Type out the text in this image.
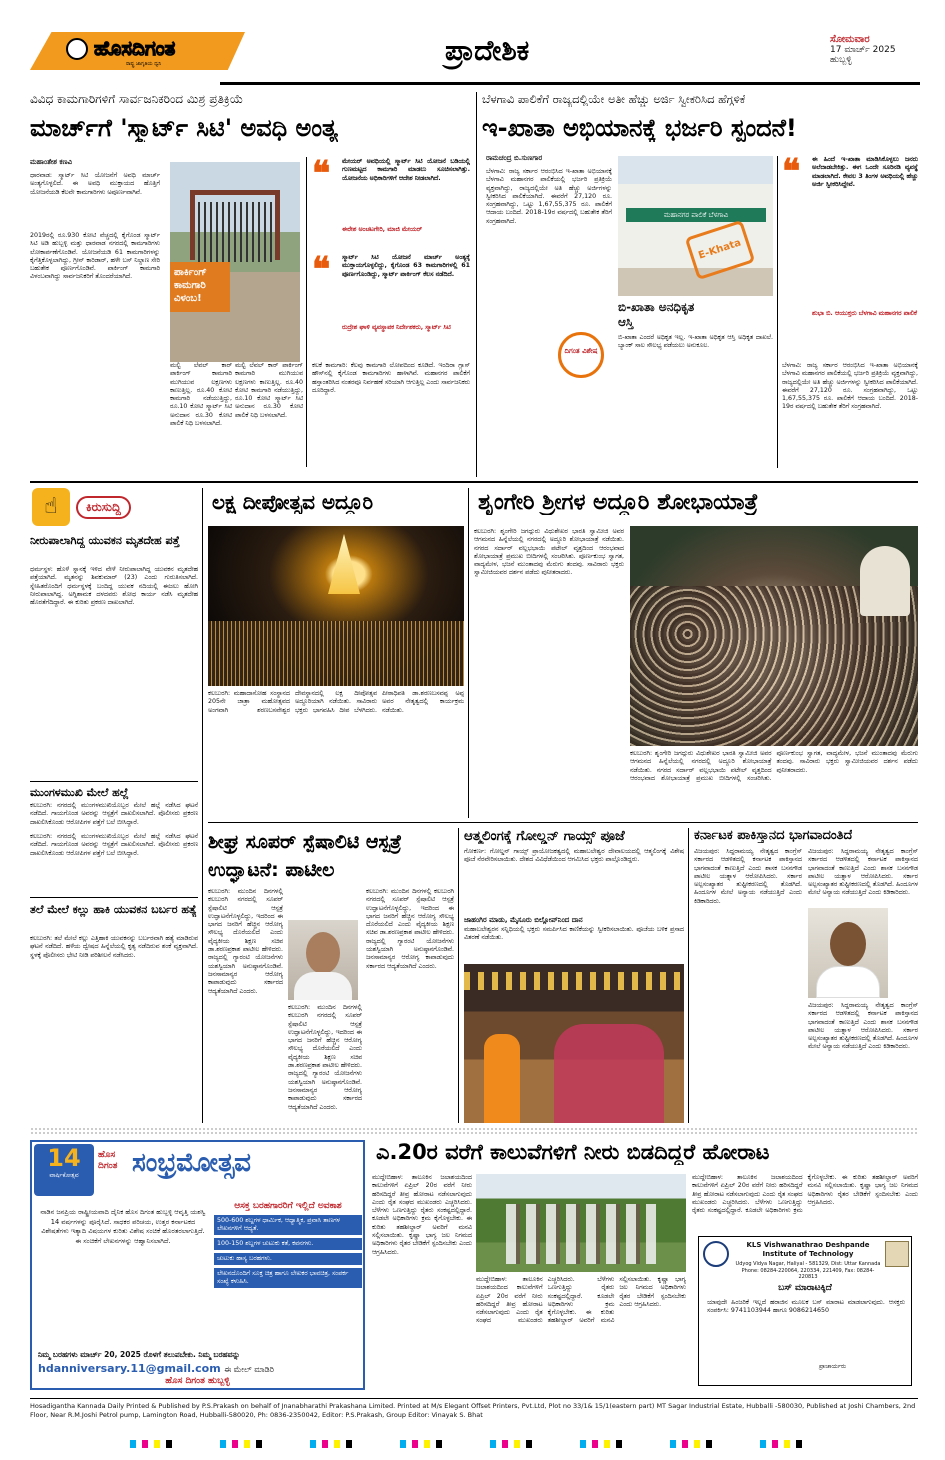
ಹೊಸದಿಗಂತ
ರಾಷ್ಟ್ರ ಜಾಗೃತಿಯ ಧ್ವನಿ	ಪ್ರಾದೇಶಿಕ	ಸೋಮವಾರ
17 ಮಾರ್ಚ್ 2025
ಹುಬ್ಬಳ್ಳಿ
ವಿವಿಧ ಕಾಮಗಾರಿಗಳಿಗೆ ಸಾರ್ವಜನಿಕರಿಂದ ಮಿಶ್ರ ಪ್ರತಿಕ್ರಿಯೆ
ಮಾರ್ಚ್‌ಗೆ 'ಸ್ಮಾರ್ಟ್ ಸಿಟಿ' ಅವಧಿ ಅಂತ್ಯ
ಮಹಾಂತೇಶ ಕಣವಿ
ಧಾರವಾಡ: ಸ್ಮಾರ್ಟ್ ಸಿಟಿ ಯೋಜನೆಗೆ ಅವಧಿ ಮಾರ್ಚ್ ಅಂತ್ಯಗೊಳ್ಳಲಿದೆ. ಈ ಅವಧಿ ಮುಕ್ತಾಯದ ಹೊತ್ತಿಗೆ ಯೋಜನೆಯಡಿ ಕೆಲವೇ ಕಾಮಗಾರಿಗಳು ಅಪೂರ್ಣವಾಗಿವೆ.
2019ರಲ್ಲಿ ರೂ.930 ಕೋಟಿ ವೆಚ್ಚದಲ್ಲಿ ಕೈಗೊಂಡ ಸ್ಮಾರ್ಟ್ ಸಿಟಿ ಅಡಿ ಹುಬ್ಬಳ್ಳಿ ಮತ್ತು ಧಾರವಾಡ ನಗರದಲ್ಲಿ ಕಾಮಗಾರಿಗಳು ಲೋಕಾರ್ಪಣೆಗೊಂಡಿವೆ. ಯೋಜನೆಯಡಿ 61 ಕಾಮಗಾರಿಗಳನ್ನು ಕೈಗೆತ್ತಿಕೊಳ್ಳಲಾಗಿದ್ದು, ಗ್ರೀನ್ ಕಾರಿಡಾರ್, ಹಳೇ ಬಸ್ ನಿಲ್ದಾಣ ಸೇರಿ ಬಹುತೇಕ ಪೂರ್ಣಗೊಂಡಿವೆ. ಪಾರ್ಕಿಂಗ್ ಕಾಮಗಾರಿ ವಿಳಂಬವಾಗಿದ್ದು ಸಾರ್ವಜನಿಕರಿಗೆ ತೊಂದರೆಯಾಗಿದೆ.	ಪಾರ್ಕಿಂಗ್ ಕಾಮಗಾರಿ ವಿಳಂಬ!
ಮಲ್ಟಿ ಲೆವಲ್ ಕಾರ್ ಪಾರ್ಕಿಂಗ್ ಕಾಮಗಾರಿ ಮುಗಿಯುವ ಲಕ್ಷಣಗಳು ಕಾಣುತ್ತಿಲ್ಲ. ರೂ.40 ಕೋಟಿ ಕಾಮಗಾರಿ ನಡೆಯುತ್ತಿದ್ದು, ರೂ.10 ಕೋಟಿ ಸ್ಮಾರ್ಟ್ ಸಿಟಿ ಅನುದಾನ ರೂ.30 ಕೋಟಿ ಪಾಲಿಕೆ ನಿಧಿ ಬಳಸಲಾಗಿದೆ.
ಮಲ್ಟಿ ಲೆವಲ್ ಕಾರ್ ಪಾರ್ಕಿಂಗ್ ಕಾಮಗಾರಿ ಮುಗಿಯುವ ಲಕ್ಷಣಗಳು ಕಾಣುತ್ತಿಲ್ಲ. ರೂ.40 ಕೋಟಿ ಕಾಮಗಾರಿ ನಡೆಯುತ್ತಿದ್ದು, ರೂ.10 ಕೋಟಿ ಸ್ಮಾರ್ಟ್ ಸಿಟಿ ಅನುದಾನ ರೂ.30 ಕೋಟಿ ಪಾಲಿಕೆ ನಿಧಿ ಬಳಸಲಾಗಿದೆ.
❝ ಮೇಯರ್ ಅವಧಿಯಲ್ಲಿ ಸ್ಮಾರ್ಟ್ ಸಿಟಿ ಯೋಜನೆ ಬಡಿಯಲ್ಲಿ ಗುಣಮಟ್ಟದ ಕಾಮಗಾರಿ ಮಾಡಲು ಸೂಚಿಸಲಾಗಿತ್ತು. ಯೋಜನೆಯ ಅಧಿಕಾರಿಗಳಿಗೆ ಆದೇಶ ನೀಡಲಾಗಿದೆ.
ಈರೇಶ ಅಂಚಟಗೇರಿ, ಮಾಜಿ ಮೇಯರ್
❝ ಸ್ಮಾರ್ಟ್ ಸಿಟಿ ಯೋಜನೆ ಮಾರ್ಚ್ ಅಂತ್ಯಕ್ಕೆ ಮುಕ್ತಾಯಗೊಳ್ಳಲಿದ್ದು, ಕೈಗೊಂಡ 63 ಕಾಮಗಾರಿಗಳಲ್ಲಿ 61 ಪೂರ್ಣಗೊಂಡಿದ್ದು, ಸ್ಮಾರ್ಟ್ ಪಾರ್ಕಿಂಗ್ ಕೆಲಸ ನಡೆದಿದೆ.
ರುದ್ರೇಶ ಘಾಳಿ ವ್ಯವಸ್ಥಾಪಕ ನಿರ್ದೇಶಕರು, ಸ್ಮಾರ್ಟ್ ಸಿಟಿ
ಕಲಕೆ ಕಾಮಗಾರಿ: ಕೆಲವು ಕಾಮಗಾರಿ ಲೋಪದಿಂದ ಕೂಡಿದೆ. ಇಂದಿರಾ ಗ್ಲಾಸ್ ಹೌಸ್‌ನಲ್ಲಿ ಕೈಗೊಂಡ ಕಾಮಗಾರಿಗಳು ಹಾಳಾಗಿವೆ. ಮಹಾನಗರ ಪಾಲಿಕೆಗೆ ಹಸ್ತಾಂತರಿಸಿದ ನಂತರವೂ ನಿರ್ವಹಣೆ ಸರಿಯಾಗಿ ಆಗುತ್ತಿಲ್ಲ ಎಂದು ಸಾರ್ವಜನಿಕರು ದೂರಿದ್ದಾರೆ.
ಬೆಳಗಾವಿ ಪಾಲಿಕೆಗೆ ರಾಜ್ಯದಲ್ಲಿಯೇ ಅತೀ ಹೆಚ್ಚು ಅರ್ಜಿ ಸ್ವೀಕರಿಸಿದ ಹೆಗ್ಗಳಿಕೆ
ಇ-ಖಾತಾ ಅಭಿಯಾನಕ್ಕೆ ಭರ್ಜರಿ ಸ್ಪಂದನೆ!
ರಾಮಚಂದ್ರ ಬಿ.ಸುಣಗಾರ
ಬೆಳಗಾವಿ: ರಾಜ್ಯ ಸರ್ಕಾರ ಆರಂಭಿಸಿದ ಇ-ಖಾತಾ ಅಭಿಯಾನಕ್ಕೆ ಬೆಳಗಾವಿ ಮಹಾನಗರ ಪಾಲಿಕೆಯಲ್ಲಿ ಭರ್ಜರಿ ಪ್ರತಿಕ್ರಿಯೆ ವ್ಯಕ್ತವಾಗಿದ್ದು, ರಾಜ್ಯದಲ್ಲಿಯೇ ಅತಿ ಹೆಚ್ಚು ಅರ್ಜಿಗಳನ್ನು ಸ್ವೀಕರಿಸಿದ ಪಾಲಿಕೆಯಾಗಿದೆ. ಈವರೆಗೆ 27,120 ರೂ. ಸಂಗ್ರಹವಾಗಿದ್ದು, ಒಟ್ಟು 1,67,55,375 ರೂ. ಪಾಲಿಕೆಗೆ ಆದಾಯ ಬಂದಿದೆ. 2018-19ರ ವರ್ಷದಲ್ಲಿ ಬಹುತೇಕ ತೆರಿಗೆ ಸಂಗ್ರಹವಾಗಿದೆ.
ಮಹಾನಗರ ಪಾಲಿಕೆ ಬೆಳಗಾವಿ
E-Khata
ಬಿ-ಖಾತಾ ಅನಧಿಕೃತ ಆಸ್ತಿ
ಬಿ-ಖಾತಾ ಎಂದರೆ ಅಧಿಕೃತ ಇಲ್ಲ. ಇ-ಖಾತಾ ಅಧಿಕೃತ ಆಸ್ತಿ ಅಧಿಕೃತ ದಾಖಲೆ. ಬ್ಯಾಂಕ್ ಸಾಲ ಸೌಲಭ್ಯ ಪಡೆಯಲು ಅನುಕೂಲ.
ದಿಗಂತ ವಿಶೇಷ
❝ ಈ ಹಿಂದೆ ಇ-ಖಾತಾ ಮಾಡಿಸಿಕೊಳ್ಳಲು ಜನರು ಅಲೆದಾಡಬೇಕಿತ್ತು. ಈಗ ಒಂದೇ ಸೂರಿನಡಿ ವ್ಯವಸ್ಥೆ ಮಾಡಲಾಗಿದೆ. ಕೇವಲ 3 ತಿಂಗಳ ಅವಧಿಯಲ್ಲಿ ಹೆಚ್ಚು ಅರ್ಜಿ ಸ್ವೀಕರಿಸಿದ್ದೇವೆ.
ಶುಭಾ ಬಿ. ಆಯುಕ್ತರು ಬೆಳಗಾವಿ ಮಹಾನಗರ ಪಾಲಿಕೆ
ಬೆಳಗಾವಿ: ರಾಜ್ಯ ಸರ್ಕಾರ ಆರಂಭಿಸಿದ ಇ-ಖಾತಾ ಅಭಿಯಾನಕ್ಕೆ ಬೆಳಗಾವಿ ಮಹಾನಗರ ಪಾಲಿಕೆಯಲ್ಲಿ ಭರ್ಜರಿ ಪ್ರತಿಕ್ರಿಯೆ ವ್ಯಕ್ತವಾಗಿದ್ದು, ರಾಜ್ಯದಲ್ಲಿಯೇ ಅತಿ ಹೆಚ್ಚು ಅರ್ಜಿಗಳನ್ನು ಸ್ವೀಕರಿಸಿದ ಪಾಲಿಕೆಯಾಗಿದೆ. ಈವರೆಗೆ 27,120 ರೂ. ಸಂಗ್ರಹವಾಗಿದ್ದು, ಒಟ್ಟು 1,67,55,375 ರೂ. ಪಾಲಿಕೆಗೆ ಆದಾಯ ಬಂದಿದೆ. 2018-19ರ ವರ್ಷದಲ್ಲಿ ಬಹುತೇಕ ತೆರಿಗೆ ಸಂಗ್ರಹವಾಗಿದೆ.
☝	ಕಿರುಸುದ್ದಿ
ನೀರುಪಾಲಾಗಿದ್ದ ಯುವಕನ ಮೃತದೇಹ ಪತ್ತೆ
ಧರ್ಮಸ್ಥಳ: ಹೊಳೆ ಸ್ನಾನಕ್ಕೆ ಇಳಿದ ವೇಳೆ ನೀರುಪಾಲಾಗಿದ್ದ ಯುವಕನ ಮೃತದೇಹ ಪತ್ತೆಯಾಗಿದೆ. ಮೃತನನ್ನು ಶಿವಕುಮಾರ್ (23) ಎಂದು ಗುರುತಿಸಲಾಗಿದೆ. ಸ್ನೇಹಿತರೊಂದಿಗೆ ಧರ್ಮಸ್ಥಳಕ್ಕೆ ಬಂದಿದ್ದ ಯುವಕ ನದಿಯಲ್ಲಿ ಈಜಲು ಹೋಗಿ ನೀರುಪಾಲಾಗಿದ್ದ. ಅಗ್ನಿಶಾಮಕ ದಳದವರು ಶೋಧ ಕಾರ್ಯ ನಡೆಸಿ ಮೃತದೇಹ ಹೊರತೆಗೆದಿದ್ದಾರೆ. ಈ ಕುರಿತು ಪ್ರಕರಣ ದಾಖಲಾಗಿದೆ.
ಮುಂಗಳಮುಖಿ ಮೇಲೆ ಹಲ್ಲೆ
ಕಲಬುರಗಿ: ನಗರದಲ್ಲಿ ಮುಂಗಳಮುಖಿಯೊಬ್ಬರ ಮೇಲೆ ಹಲ್ಲೆ ನಡೆಸಿದ ಘಟನೆ ನಡೆದಿದೆ. ಗಾಯಗೊಂಡ ಅವರನ್ನು ಆಸ್ಪತ್ರೆಗೆ ದಾಖಲಿಸಲಾಗಿದೆ. ಪೊಲೀಸರು ಪ್ರಕರಣ ದಾಖಲಿಸಿಕೊಂಡು ಆರೋಪಿಗಳ ಪತ್ತೆಗೆ ಬಲೆ ಬೀಸಿದ್ದಾರೆ.
ಕಲಬುರಗಿ: ನಗರದಲ್ಲಿ ಮುಂಗಳಮುಖಿಯೊಬ್ಬರ ಮೇಲೆ ಹಲ್ಲೆ ನಡೆಸಿದ ಘಟನೆ ನಡೆದಿದೆ. ಗಾಯಗೊಂಡ ಅವರನ್ನು ಆಸ್ಪತ್ರೆಗೆ ದಾಖಲಿಸಲಾಗಿದೆ. ಪೊಲೀಸರು ಪ್ರಕರಣ ದಾಖಲಿಸಿಕೊಂಡು ಆರೋಪಿಗಳ ಪತ್ತೆಗೆ ಬಲೆ ಬೀಸಿದ್ದಾರೆ.
ತಲೆ ಮೇಲೆ ಕಲ್ಲು ಹಾಕಿ ಯುವಕನ ಬರ್ಬರ ಹತ್ಯೆ
ಕಲಬುರಗಿ: ತಲೆ ಮೇಲೆ ಕಲ್ಲು ಎತ್ತಿಹಾಕಿ ಯುವಕನನ್ನು ಬರ್ಬರವಾಗಿ ಹತ್ಯೆ ಮಾಡಿರುವ ಘಟನೆ ನಡೆದಿದೆ. ಹಳೆಯ ದ್ವೇಷದ ಹಿನ್ನೆಲೆಯಲ್ಲಿ ಕೃತ್ಯ ನಡೆದಿರುವ ಶಂಕೆ ವ್ಯಕ್ತವಾಗಿದೆ. ಸ್ಥಳಕ್ಕೆ ಪೊಲೀಸರು ಭೇಟಿ ನೀಡಿ ಪರಿಶೀಲನೆ ನಡೆಸಿದರು.
ಲಕ್ಷ ದೀಪೋತ್ಸವ ಅದ್ದೂರಿ
ಕಲಬುರಗಿ: ಮಹಾದಾಸೋಹ ಸಂಸ್ಥಾನದ 205ನೇ ಜಾತ್ರಾ ಮಹೋತ್ಸವದ ಅಂಗವಾಗಿ ಶರಣಬಸವೇಶ್ವರ ದೇವಸ್ಥಾನದಲ್ಲಿ ಲಕ್ಷ ದೀಪೋತ್ಸವ ಅದ್ದೂರಿಯಾಗಿ ನಡೆಯಿತು. ಸಾವಿರಾರು ಭಕ್ತರು ಭಾಗವಹಿಸಿ ದೀಪ ಬೆಳಗಿದರು. ಪೀಠಾಧಿಪತಿ ಡಾ.ಶರಣಬಸವಪ್ಪ ಅಪ್ಪ ಅವರ ನೇತೃತ್ವದಲ್ಲಿ ಕಾರ್ಯಕ್ರಮ ನಡೆಯಿತು.
ಶೃಂಗೇರಿ ಶ್ರೀಗಳ ಅದ್ದೂರಿ ಶೋಭಾಯಾತ್ರೆ
ಕಲಬುರಗಿ: ಶೃಂಗೇರಿ ಜಗದ್ಗುರು ವಿಧುಶೇಖರ ಭಾರತಿ ಸ್ವಾಮೀಜಿ ಅವರ ಆಗಮನದ ಹಿನ್ನೆಲೆಯಲ್ಲಿ ನಗರದಲ್ಲಿ ಅದ್ದೂರಿ ಶೋಭಾಯಾತ್ರೆ ನಡೆಯಿತು. ನಗರದ ಸರ್ದಾರ್ ವಲ್ಲಭಭಾಯಿ ಪಟೇಲ್ ವೃತ್ತದಿಂದ ಆರಂಭವಾದ ಶೋಭಾಯಾತ್ರೆ ಪ್ರಮುಖ ಬೀದಿಗಳಲ್ಲಿ ಸಂಚರಿಸಿತು. ಪೂರ್ಣಕುಂಭ ಸ್ವಾಗತ, ವಾದ್ಯಮೇಳ, ಭಜನೆ ಮುಂತಾದವು ಮೆರುಗು ತಂದವು. ಸಾವಿರಾರು ಭಕ್ತರು ಸ್ವಾಮೀಜಿಯವರ ದರ್ಶನ ಪಡೆದು ಪುನೀತರಾದರು.
ಕಲಬುರಗಿ: ಶೃಂಗೇರಿ ಜಗದ್ಗುರು ವಿಧುಶೇಖರ ಭಾರತಿ ಸ್ವಾಮೀಜಿ ಅವರ ಆಗಮನದ ಹಿನ್ನೆಲೆಯಲ್ಲಿ ನಗರದಲ್ಲಿ ಅದ್ದೂರಿ ಶೋಭಾಯಾತ್ರೆ ನಡೆಯಿತು. ನಗರದ ಸರ್ದಾರ್ ವಲ್ಲಭಭಾಯಿ ಪಟೇಲ್ ವೃತ್ತದಿಂದ ಆರಂಭವಾದ ಶೋಭಾಯಾತ್ರೆ ಪ್ರಮುಖ ಬೀದಿಗಳಲ್ಲಿ ಸಂಚರಿಸಿತು. ಪೂರ್ಣಕುಂಭ ಸ್ವಾಗತ, ವಾದ್ಯಮೇಳ, ಭಜನೆ ಮುಂತಾದವು ಮೆರುಗು ತಂದವು. ಸಾವಿರಾರು ಭಕ್ತರು ಸ್ವಾಮೀಜಿಯವರ ದರ್ಶನ ಪಡೆದು ಪುನೀತರಾದರು.
ಶೀಘ್ರ ಸೂಪರ್ ಸ್ಪೆಷಾಲಿಟಿ ಆಸ್ಪತ್ರೆ ಉದ್ಘಾಟನೆ: ಪಾಟೀಲ
ಕಲಬುರಗಿ: ಮುಂದಿನ ದಿನಗಳಲ್ಲಿ ಕಲಬುರಗಿ ನಗರದಲ್ಲಿ ಸೂಪರ್ ಸ್ಪೆಷಾಲಿಟಿ ಆಸ್ಪತ್ರೆ ಉದ್ಘಾಟನೆಗೊಳ್ಳಲಿದ್ದು, ಇದರಿಂದ ಈ ಭಾಗದ ಜನರಿಗೆ ಹೆಚ್ಚಿನ ಆರೋಗ್ಯ ಸೌಲಭ್ಯ ದೊರೆಯಲಿದೆ ಎಂದು ವೈದ್ಯಕೀಯ ಶಿಕ್ಷಣ ಸಚಿವ ಡಾ.ಶರಣಪ್ರಕಾಶ ಪಾಟೀಲ ಹೇಳಿದರು. ರಾಜ್ಯದಲ್ಲಿ ಗ್ಯಾರಂಟಿ ಯೋಜನೆಗಳು ಯಶಸ್ವಿಯಾಗಿ ಅನುಷ್ಠಾನಗೊಂಡಿವೆ. ಜನಸಾಮಾನ್ಯರ ಆರೋಗ್ಯ ಕಾಪಾಡುವುದು ಸರ್ಕಾರದ ಆದ್ಯತೆಯಾಗಿದೆ ಎಂದರು.
ಕಲಬುರಗಿ: ಮುಂದಿನ ದಿನಗಳಲ್ಲಿ ಕಲಬುರಗಿ ನಗರದಲ್ಲಿ ಸೂಪರ್ ಸ್ಪೆಷಾಲಿಟಿ ಆಸ್ಪತ್ರೆ ಉದ್ಘಾಟನೆಗೊಳ್ಳಲಿದ್ದು, ಇದರಿಂದ ಈ ಭಾಗದ ಜನರಿಗೆ ಹೆಚ್ಚಿನ ಆರೋಗ್ಯ ಸೌಲಭ್ಯ ದೊರೆಯಲಿದೆ ಎಂದು ವೈದ್ಯಕೀಯ ಶಿಕ್ಷಣ ಸಚಿವ ಡಾ.ಶರಣಪ್ರಕಾಶ ಪಾಟೀಲ ಹೇಳಿದರು. ರಾಜ್ಯದಲ್ಲಿ ಗ್ಯಾರಂಟಿ ಯೋಜನೆಗಳು ಯಶಸ್ವಿಯಾಗಿ ಅನುಷ್ಠಾನಗೊಂಡಿವೆ. ಜನಸಾಮಾನ್ಯರ ಆರೋಗ್ಯ ಕಾಪಾಡುವುದು ಸರ್ಕಾರದ ಆದ್ಯತೆಯಾಗಿದೆ ಎಂದರು.
ಕಲಬುರಗಿ: ಮುಂದಿನ ದಿನಗಳಲ್ಲಿ ಕಲಬುರಗಿ ನಗರದಲ್ಲಿ ಸೂಪರ್ ಸ್ಪೆಷಾಲಿಟಿ ಆಸ್ಪತ್ರೆ ಉದ್ಘಾಟನೆಗೊಳ್ಳಲಿದ್ದು, ಇದರಿಂದ ಈ ಭಾಗದ ಜನರಿಗೆ ಹೆಚ್ಚಿನ ಆರೋಗ್ಯ ಸೌಲಭ್ಯ ದೊರೆಯಲಿದೆ ಎಂದು ವೈದ್ಯಕೀಯ ಶಿಕ್ಷಣ ಸಚಿವ ಡಾ.ಶರಣಪ್ರಕಾಶ ಪಾಟೀಲ ಹೇಳಿದರು. ರಾಜ್ಯದಲ್ಲಿ ಗ್ಯಾರಂಟಿ ಯೋಜನೆಗಳು ಯಶಸ್ವಿಯಾಗಿ ಅನುಷ್ಠಾನಗೊಂಡಿವೆ. ಜನಸಾಮಾನ್ಯರ ಆರೋಗ್ಯ ಕಾಪಾಡುವುದು ಸರ್ಕಾರದ ಆದ್ಯತೆಯಾಗಿದೆ ಎಂದರು.
ಆತ್ಮಲಿಂಗಕ್ಕೆ ಗೋಲ್ಡನ್ ಗಾಯ್ಸ್ ಪೂಜೆ
ಗೋಕರ್ಣ: ಗೋಲ್ಡನ್ ಗಾಯ್ಸ್ ಪ್ರಾಯೋಜಕತ್ವದಲ್ಲಿ ಮಹಾಬಲೇಶ್ವರ ದೇವಾಲಯದಲ್ಲಿ ಆತ್ಮಲಿಂಗಕ್ಕೆ ವಿಶೇಷ ಪೂಜೆ ನೆರವೇರಿಸಲಾಯಿತು. ದೇಶದ ವಿವಿಧೆಡೆಯಿಂದ ಆಗಮಿಸಿದ ಭಕ್ತರು ಪಾಲ್ಗೊಂಡಿದ್ದರು.
ಜಾಹಂಗಿರ ಮಾಡು, ಮೈಸೂರು ಬಿಲ್ಲೋಪ್‌ನಿಂದ ದಾನ
ಮಹಾಬಲೇಶ್ವರನ ಸನ್ನಿಧಿಯಲ್ಲಿ ಭಕ್ತರು ಸಮರ್ಪಿಸಿದ ಕಾಣಿಕೆಯನ್ನು ಸ್ವೀಕರಿಸಲಾಯಿತು. ಪೂಜೆಯ ಬಳಿಕ ಪ್ರಸಾದ ವಿತರಣೆ ನಡೆಯಿತು.
ಕರ್ನಾಟಕ ಪಾಕಿಸ್ತಾನದ ಭಾಗವಾದಂತಿದೆ
ವಿಜಯಪುರ: ಸಿದ್ದರಾಮಯ್ಯ ನೇತೃತ್ವದ ಕಾಂಗ್ರೆಸ್ ಸರ್ಕಾರದ ಆಡಳಿತದಲ್ಲಿ ಕರ್ನಾಟಕ ಪಾಕಿಸ್ತಾನದ ಭಾಗವಾದಂತೆ ಕಾಣುತ್ತಿದೆ ಎಂದು ಶಾಸಕ ಬಸನಗೌಡ ಪಾಟೀಲ ಯತ್ನಾಳ ಆರೋಪಿಸಿದರು. ಸರ್ಕಾರ ಅಲ್ಪಸಂಖ್ಯಾತರ ತುಷ್ಟೀಕರಣದಲ್ಲಿ ತೊಡಗಿದೆ. ಹಿಂದೂಗಳ ಮೇಲೆ ಅನ್ಯಾಯ ನಡೆಯುತ್ತಿದೆ ಎಂದು ಕಿಡಿಕಾರಿದರು.
ವಿಜಯಪುರ: ಸಿದ್ದರಾಮಯ್ಯ ನೇತೃತ್ವದ ಕಾಂಗ್ರೆಸ್ ಸರ್ಕಾರದ ಆಡಳಿತದಲ್ಲಿ ಕರ್ನಾಟಕ ಪಾಕಿಸ್ತಾನದ ಭಾಗವಾದಂತೆ ಕಾಣುತ್ತಿದೆ ಎಂದು ಶಾಸಕ ಬಸನಗೌಡ ಪಾಟೀಲ ಯತ್ನಾಳ ಆರೋಪಿಸಿದರು. ಸರ್ಕಾರ ಅಲ್ಪಸಂಖ್ಯಾತರ ತುಷ್ಟೀಕರಣದಲ್ಲಿ ತೊಡಗಿದೆ. ಹಿಂದೂಗಳ ಮೇಲೆ ಅನ್ಯಾಯ ನಡೆಯುತ್ತಿದೆ ಎಂದು ಕಿಡಿಕಾರಿದರು.
ವಿಜಯಪುರ: ಸಿದ್ದರಾಮಯ್ಯ ನೇತೃತ್ವದ ಕಾಂಗ್ರೆಸ್ ಸರ್ಕಾರದ ಆಡಳಿತದಲ್ಲಿ ಕರ್ನಾಟಕ ಪಾಕಿಸ್ತಾನದ ಭಾಗವಾದಂತೆ ಕಾಣುತ್ತಿದೆ ಎಂದು ಶಾಸಕ ಬಸನಗೌಡ ಪಾಟೀಲ ಯತ್ನಾಳ ಆರೋಪಿಸಿದರು. ಸರ್ಕಾರ ಅಲ್ಪಸಂಖ್ಯಾತರ ತುಷ್ಟೀಕರಣದಲ್ಲಿ ತೊಡಗಿದೆ. ಹಿಂದೂಗಳ ಮೇಲೆ ಅನ್ಯಾಯ ನಡೆಯುತ್ತಿದೆ ಎಂದು ಕಿಡಿಕಾರಿದರು.
14
ವಾರ್ಷಿಕೋತ್ಸವ
ಹೊಸ ದಿಗಂತ ಸಂಭ್ರಮೋತ್ಸವ
ನಾಡಿನ ಜನಪ್ರಿಯ ರಾಷ್ಟ್ರೀಯವಾದಿ ದೈನಿಕ ಹೊಸ ದಿಗಂತ ಹುಬ್ಬಳ್ಳಿ ಆವೃತ್ತಿ ಯಶಸ್ವಿ 14 ವರ್ಷಗಳನ್ನು ಪೂರೈಸಿದೆ. ಸಾಧಕರ ಪರಿಚಯ, ಉತ್ತರ ಕರ್ನಾಟಕದ ವಿಶೇಷತೆಗಳು ಇತ್ಯಾದಿ ವಿಷಯಗಳ ಕುರಿತು ವಿಶೇಷ ಸಂಚಿಕೆ ಹೊರತರಲಾಗುತ್ತಿದೆ. ಈ ಸಂಚಿಕೆಗೆ ಲೇಖನಗಳನ್ನು ಆಹ್ವಾನಿಸಲಾಗಿದೆ.
ಆಸಕ್ತ ಬರಹಗಾರರಿಗೆ ಇಲ್ಲಿದೆ ಅವಕಾಶ
500-600 ಶಬ್ದಗಳ ಧಾರ್ಮಿಕ, ಆಧ್ಯಾತ್ಮಿಕ, ಪ್ರವಾಸಿ ತಾಣಗಳ ಲೇಖನಗಳಿಗೆ ಆದ್ಯತೆ.
100-150 ಶಬ್ದಗಳ ಚುಟುಕು ಕತೆ, ಕವನಗಳು.
ಚುಟುಕು ಹಾಸ್ಯ ಬರಹಗಳು.
ಲೇಖನದೊಂದಿಗೆ ಸೂಕ್ತ ಚಿತ್ರ ಹಾಗೂ ಲೇಖಕರ ಭಾವಚಿತ್ರ, ಸಂಪರ್ಕ ಸಂಖ್ಯೆ ಕಳುಹಿಸಿ.
ನಿಮ್ಮ ಬರಹಗಳು ಮಾರ್ಚ್ 20, 2025 ರೊಳಗೆ ತಲುಪಬೇಕು. ನಿಮ್ಮ ಬರಹವನ್ನು
hdanniversary.11@gmail.com ಈ ಮೇಲ್ ಮಾಡಿರಿ
ಹೊಸ ದಿಗಂತ ಹುಬ್ಬಳ್ಳಿ
ಎ.20ರ ವರೆಗೆ ಕಾಲುವೆಗಳಿಗೆ ನೀರು ಬಿಡದಿದ್ದರೆ ಹೋರಾಟ
ಮುದ್ದೇಬಿಹಾಳ: ತಾಲೂಕಿನ ಜಲಾಶಯದಿಂದ ಕಾಲುವೆಗಳಿಗೆ ಏಪ್ರಿಲ್ 20ರ ವರೆಗೆ ನೀರು ಹರಿಸದಿದ್ದರೆ ತೀವ್ರ ಹೋರಾಟ ನಡೆಸಲಾಗುವುದು ಎಂದು ರೈತ ಸಂಘದ ಮುಖಂಡರು ಎಚ್ಚರಿಸಿದರು. ಬೆಳೆಗಳು ಒಣಗುತ್ತಿದ್ದು ರೈತರು ಸಂಕಷ್ಟದಲ್ಲಿದ್ದಾರೆ. ಕೂಡಲೇ ಅಧಿಕಾರಿಗಳು ಕ್ರಮ ಕೈಗೊಳ್ಳಬೇಕು. ಈ ಕುರಿತು ತಹಶೀಲ್ದಾರ್ ಅವರಿಗೆ ಮನವಿ ಸಲ್ಲಿಸಲಾಯಿತು. ಕೃಷ್ಣಾ ಭಾಗ್ಯ ಜಲ ನಿಗಮದ ಅಧಿಕಾರಿಗಳು ರೈತರ ಬೇಡಿಕೆಗೆ ಸ್ಪಂದಿಸಬೇಕು ಎಂದು ಆಗ್ರಹಿಸಿದರು.
ಮುದ್ದೇಬಿಹಾಳ: ತಾಲೂಕಿನ ಜಲಾಶಯದಿಂದ ಕಾಲುವೆಗಳಿಗೆ ಏಪ್ರಿಲ್ 20ರ ವರೆಗೆ ನೀರು ಹರಿಸದಿದ್ದರೆ ತೀವ್ರ ಹೋರಾಟ ನಡೆಸಲಾಗುವುದು ಎಂದು ರೈತ ಸಂಘದ ಮುಖಂಡರು ಎಚ್ಚರಿಸಿದರು. ಬೆಳೆಗಳು ಒಣಗುತ್ತಿದ್ದು ರೈತರು ಸಂಕಷ್ಟದಲ್ಲಿದ್ದಾರೆ. ಕೂಡಲೇ ಅಧಿಕಾರಿಗಳು ಕ್ರಮ ಕೈಗೊಳ್ಳಬೇಕು. ಈ ಕುರಿತು ತಹಶೀಲ್ದಾರ್ ಅವರಿಗೆ ಮನವಿ ಸಲ್ಲಿಸಲಾಯಿತು. ಕೃಷ್ಣಾ ಭಾಗ್ಯ ಜಲ ನಿಗಮದ ಅಧಿಕಾರಿಗಳು ರೈತರ ಬೇಡಿಕೆಗೆ ಸ್ಪಂದಿಸಬೇಕು ಎಂದು ಆಗ್ರಹಿಸಿದರು.
ಮುದ್ದೇಬಿಹಾಳ: ತಾಲೂಕಿನ ಜಲಾಶಯದಿಂದ ಕಾಲುವೆಗಳಿಗೆ ಏಪ್ರಿಲ್ 20ರ ವರೆಗೆ ನೀರು ಹರಿಸದಿದ್ದರೆ ತೀವ್ರ ಹೋರಾಟ ನಡೆಸಲಾಗುವುದು ಎಂದು ರೈತ ಸಂಘದ ಮುಖಂಡರು ಎಚ್ಚರಿಸಿದರು. ಬೆಳೆಗಳು ಒಣಗುತ್ತಿದ್ದು ರೈತರು ಸಂಕಷ್ಟದಲ್ಲಿದ್ದಾರೆ. ಕೂಡಲೇ ಅಧಿಕಾರಿಗಳು ಕ್ರಮ ಕೈಗೊಳ್ಳಬೇಕು. ಈ ಕುರಿತು ತಹಶೀಲ್ದಾರ್ ಅವರಿಗೆ ಮನವಿ ಸಲ್ಲಿಸಲಾಯಿತು. ಕೃಷ್ಣಾ ಭಾಗ್ಯ ಜಲ ನಿಗಮದ ಅಧಿಕಾರಿಗಳು ರೈತರ ಬೇಡಿಕೆಗೆ ಸ್ಪಂದಿಸಬೇಕು ಎಂದು ಆಗ್ರಹಿಸಿದರು.
KLS Vishwanathrao Deshpande Institute of Technology
Udyog Vidya Nagar, Haliyal - 581329, Dist: Uttar Kannada
Phone: 08284-220064, 220334, 221409, Fax: 08284-220813
ಬಸ್ ಮಾರಾಟಕ್ಕಿದೆ
ಯಾವುದೇ ಹಿಂಜರಿಕೆ ಇಲ್ಲದೆ ಹರಾಜಿನ ಮೂಲಕ ಬಸ್ ಮಾರಾಟ ಮಾಡಲಾಗುವುದು. ಆಸಕ್ತರು ಸಂಪರ್ಕಿಸಿ: 9741103944 ಹಾಗೂ 9086214650
ಪ್ರಾಚಾರ್ಯರು
Hosadigantha Kannada Daily Printed & Published by P.S.Prakash on behalf of Jnanabharathi Prakashana Limited. Printed at M/s Elegant Offset Printers, Pvt.Ltd, Plot no 33/1& 15/1(eastern part) MT Sagar Industrial Estate, Hubballi -580030, Published at Joshi Chambers, 2nd Floor, Near R.M.Joshi Petrol pump, Lamington Road, Hubballi-580020, Ph: 0836-2350042, Editor: P.S.Prakash, Group Editor: Vinayak S. Bhat
